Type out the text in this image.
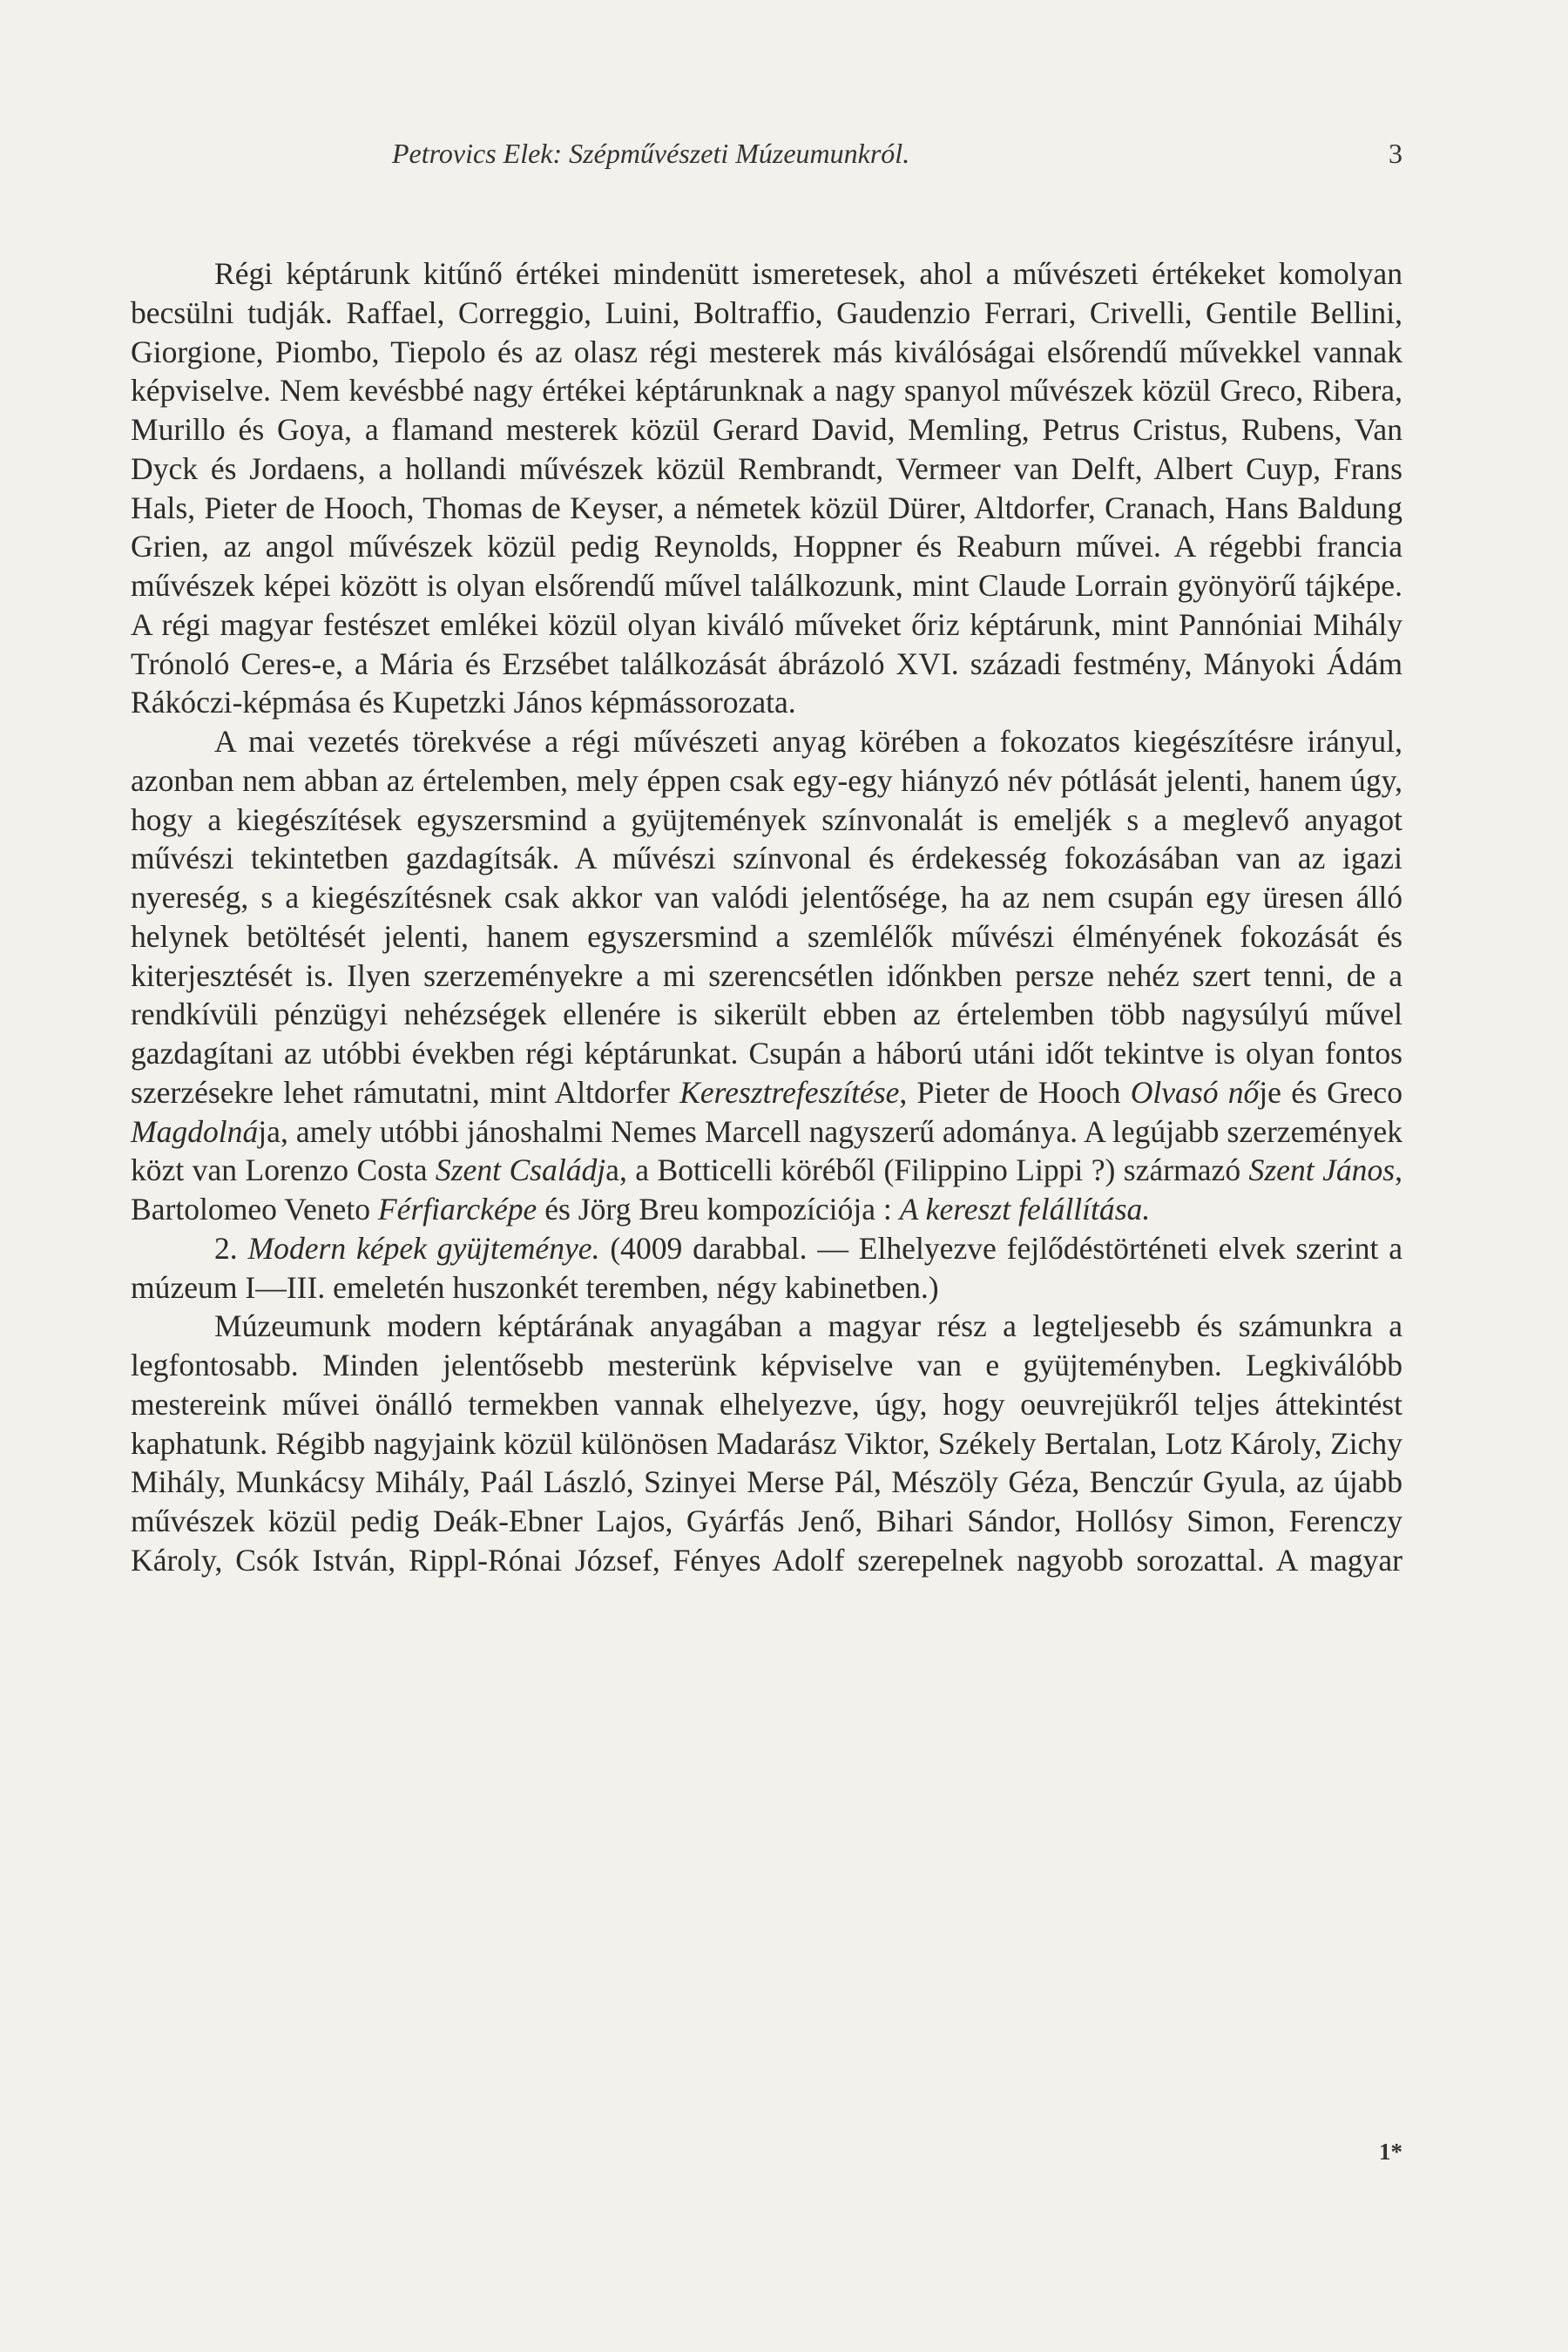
Petrovics Elek: Szépművészeti Múzeumunkról.	3

Régi képtárunk kitűnő értékei mindenütt ismeretesek, ahol a művészeti értékeket komolyan becsülni tudják. Raffael, Correggio, Luini, Boltraffio, Gaudenzio Ferrari, Crivelli, Gentile Bellini, Giorgione, Piombo, Tiepolo és az olasz régi mesterek más kiválóságai elsőrendű művekkel vannak képviselve. Nem kevésbbé nagy értékei képtárunknak a nagy spanyol művészek közül Greco, Ribera, Murillo és Goya, a flamand mesterek közül Gerard David, Memling, Petrus Cristus, Rubens, Van Dyck és Jordaens, a hollandi művészek közül Rembrandt, Vermeer van Delft, Albert Cuyp, Frans Hals, Pieter de Hooch, Thomas de Keyser, a németek közül Dürer, Altdorfer, Cranach, Hans Baldung Grien, az angol művészek közül pedig Reynolds, Hoppner és Reaburn művei. A régebbi francia művészek képei között is olyan elsőrendű művel találkozunk, mint Claude Lorrain gyönyörű tájképe. A régi magyar festészet emlékei közül olyan kiváló műveket őriz képtárunk, mint Pannóniai Mihály Trónoló Ceres-e, a Mária és Erzsébet találkozását ábrázoló XVI. századi festmény, Mányoki Ádám Rákóczi-képmása és Kupetzki János képmássorozata.

A mai vezetés törekvése a régi művészeti anyag körében a fokozatos kiegészítésre irányul, azonban nem abban az értelemben, mely éppen csak egy-egy hiányzó név pótlását jelenti, hanem úgy, hogy a kiegészítések egyszersmind a gyüjtemények színvonalát is emeljék s a meglevő anyagot művészi tekintetben gazdagítsák. A művészi színvonal és érdekesség fokozásában van az igazi nyereség, s a kiegészítésnek csak akkor van valódi jelentősége, ha az nem csupán egy üresen álló helynek betöltését jelenti, hanem egyszersmind a szemlélők művészi élményének fokozását és kiterjesztését is. Ilyen szerzeményekre a mi szerencsétlen időnkben persze nehéz szert tenni, de a rendkívüli pénzügyi nehézségek ellenére is sikerült ebben az értelemben több nagysúlyú művel gazdagítani az utóbbi években régi képtárunkat. Csupán a háború utáni időt tekintve is olyan fontos szerzésekre lehet rámutatni, mint Altdorfer Keresztrefeszítése, Pieter de Hooch Olvasó nője és Greco Magdolnája, amely utóbbi jánoshalmi Nemes Marcell nagyszerű adománya. A legújabb szerzemények közt van Lorenzo Costa Szent Családja, a Botticelli köréből (Filippino Lippi ?) származó Szent János, Bartolomeo Veneto Férfiarcképe és Jörg Breu kompozíciója : A kereszt felállítása.

2. Modern képek gyüjteménye. (4009 darabbal. — Elhelyezve fejlődéstörténeti elvek szerint a múzeum I—III. emeletén huszonkét teremben, négy kabinetben.)

Múzeumunk modern képtárának anyagában a magyar rész a legteljesebb és számunkra a legfontosabb. Minden jelentősebb mesterünk képviselve van e gyüjteményben. Legkiválóbb mestereink művei önálló termekben vannak elhelyezve, úgy, hogy oeuvrejükről teljes áttekintést kaphatunk. Régibb nagyjaink közül különösen Madarász Viktor, Székely Bertalan, Lotz Károly, Zichy Mihály, Munkácsy Mihály, Paál László, Szinyei Merse Pál, Mészöly Géza, Benczúr Gyula, az újabb művészek közül pedig Deák-Ebner Lajos, Gyárfás Jenő, Bihari Sándor, Hollósy Simon, Ferenczy Károly, Csók István, Rippl-Rónai József, Fényes Adolf szerepelnek nagyobb sorozattal. A magyar

1*
